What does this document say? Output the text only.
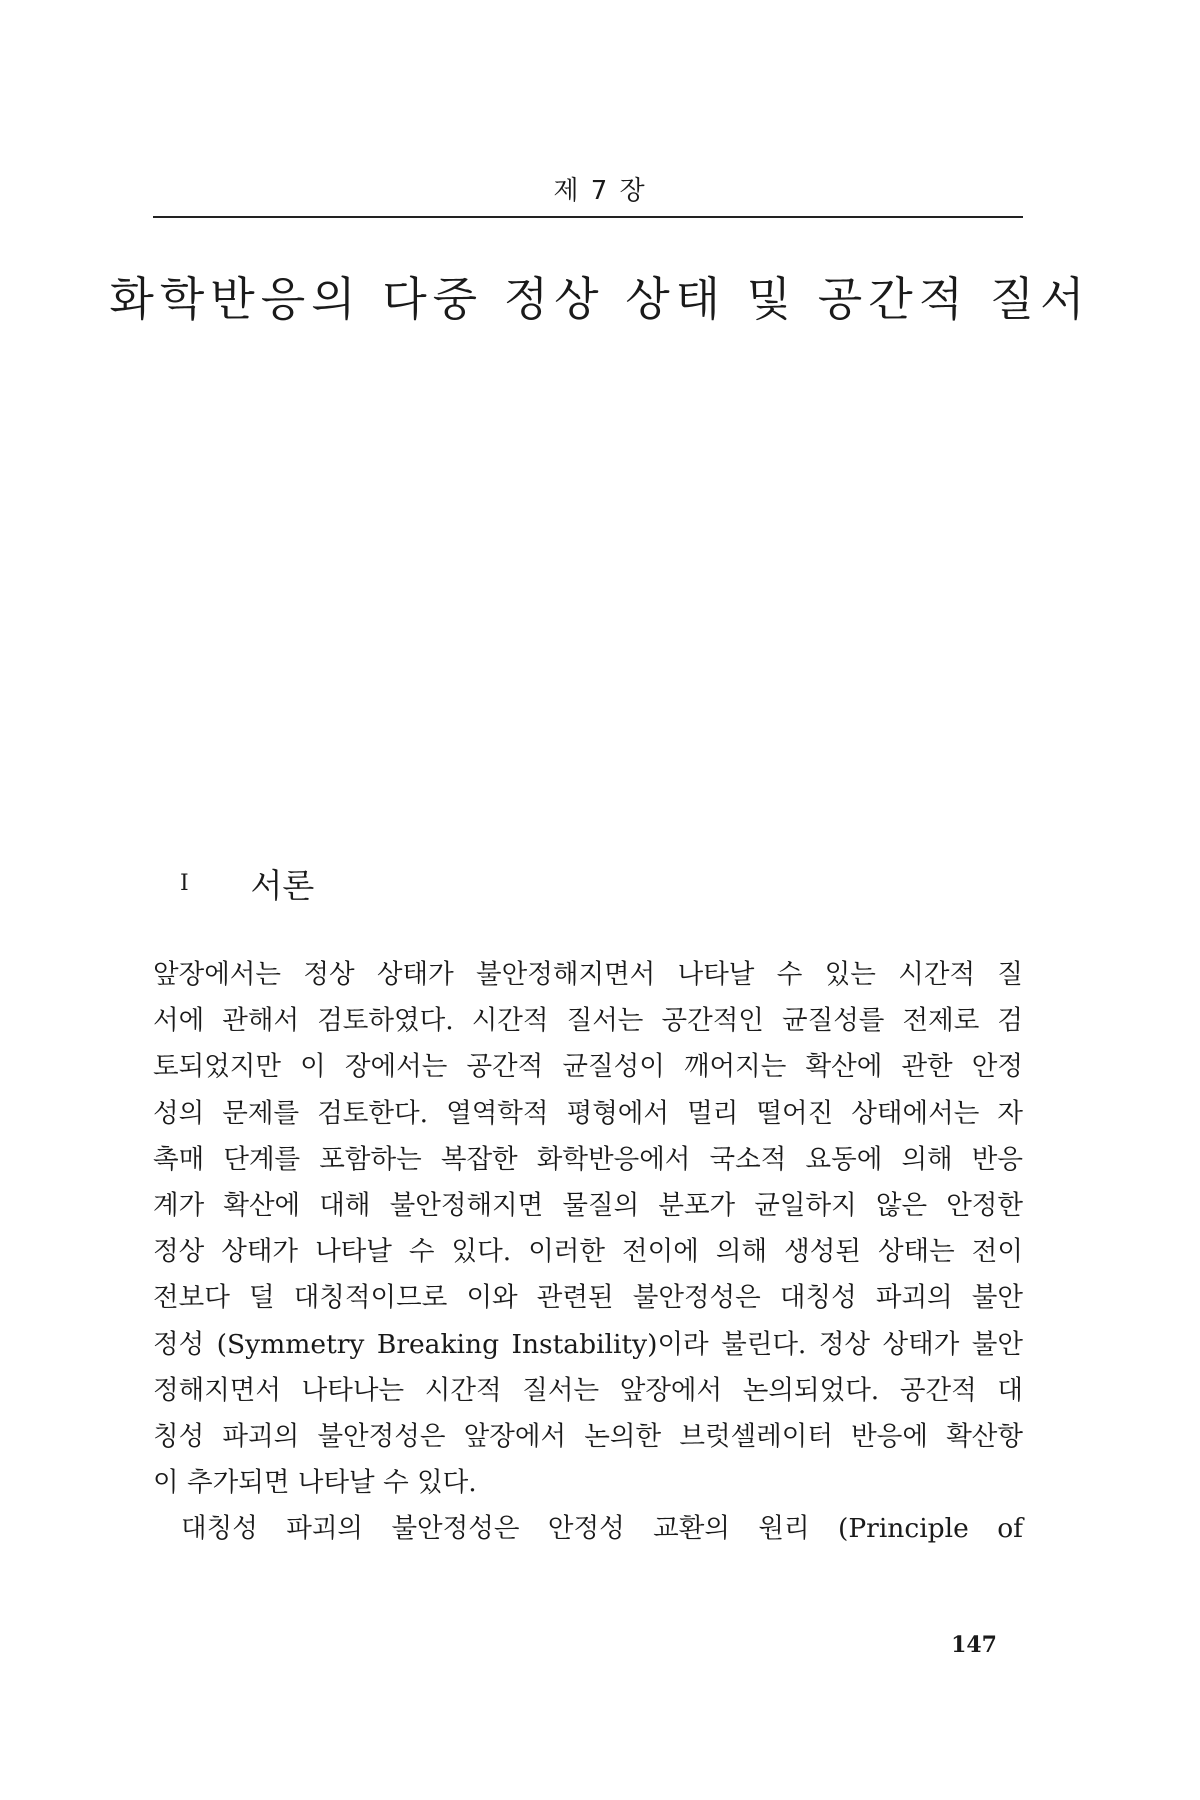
제 7 장
화학반응의 다중 정상 상태 및 공간적 질서
I 서론
앞장에서는 정상 상태가 불안정해지면서 나타날 수 있는 시간적 질
서에 관해서 검토하였다. 시간적 질서는 공간적인 균질성를 전제로 검
토되었지만 이 장에서는 공간적 균질성이 깨어지는 확산에 관한 안정
성의 문제를 검토한다. 열역학적 평형에서 멀리 떨어진 상태에서는 자
촉매 단계를 포함하는 복잡한 화학반응에서 국소적 요동에 의해 반응
계가 확산에 대해 불안정해지면 물질의 분포가 균일하지 않은 안정한
정상 상태가 나타날 수 있다. 이러한 전이에 의해 생성된 상태는 전이
전보다 덜 대칭적이므로 이와 관련된 불안정성은 대칭성 파괴의 불안
정성 (Symmetry Breaking Instability)이라 불린다. 정상 상태가 불안
정해지면서 나타나는 시간적 질서는 앞장에서 논의되었다. 공간적 대
칭성 파괴의 불안정성은 앞장에서 논의한 브럿셀레이터 반응에 확산항
이 추가되면 나타날 수 있다.
대칭성 파괴의 불안정성은 안정성 교환의 원리 (Principle of
147
